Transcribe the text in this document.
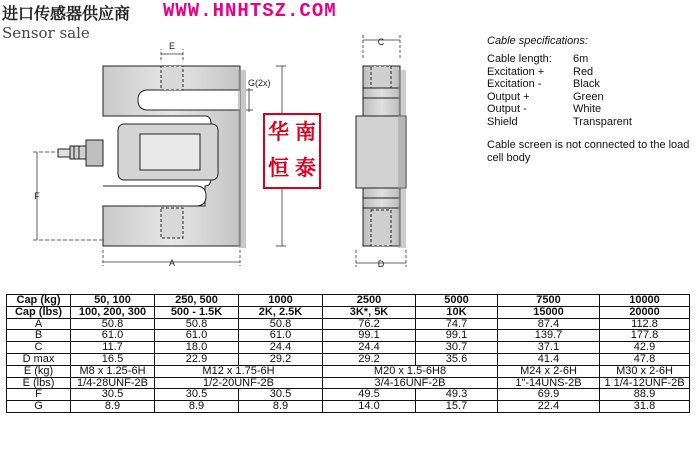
进口传感器供应商 WWW.HNHTSZ.COM
Sensor sale
E
G(2x)
F
A
C
D
华 南
恒 泰
Cable specifications:
Cable length:	6m
Excitation +	Red
Excitation -	Black
Output +	Green
Output -	White
Shield	Transparent
Cable screen is not connected to the load cell body
Cap (kg)	50, 100	250, 500	1000	2500	5000	7500	10000
Cap (lbs)	100, 200, 300	500 - 1.5K	2K, 2.5K	3K*, 5K	10K	15000	20000
A	50.8	50.8	50.8	76.2	74.7	87.4	112.8
B	61.0	61.0	61.0	99.1	99.1	139.7	177.8
C	11.7	18.0	24.4	24.4	30.7	37.1	42.9
D max	16.5	22.9	29.2	29.2	35.6	41.4	47.8
E (kg)	M8 x 1.25-6H	M12 x 1.75-6H		M20 x 1.5-6H8		M24 x 2-6H	M30 x 2-6H
E (lbs)	1/4-28UNF-2B	1/2-20UNF-2B		3/4-16UNF-2B		1"-14UNS-2B	1 1/4-12UNF-2B
F	30.5	30.5	30.5	49.5	49.3	69.9	88.9
G	8.9	8.9	8.9	14.0	15.7	22.4	31.8
